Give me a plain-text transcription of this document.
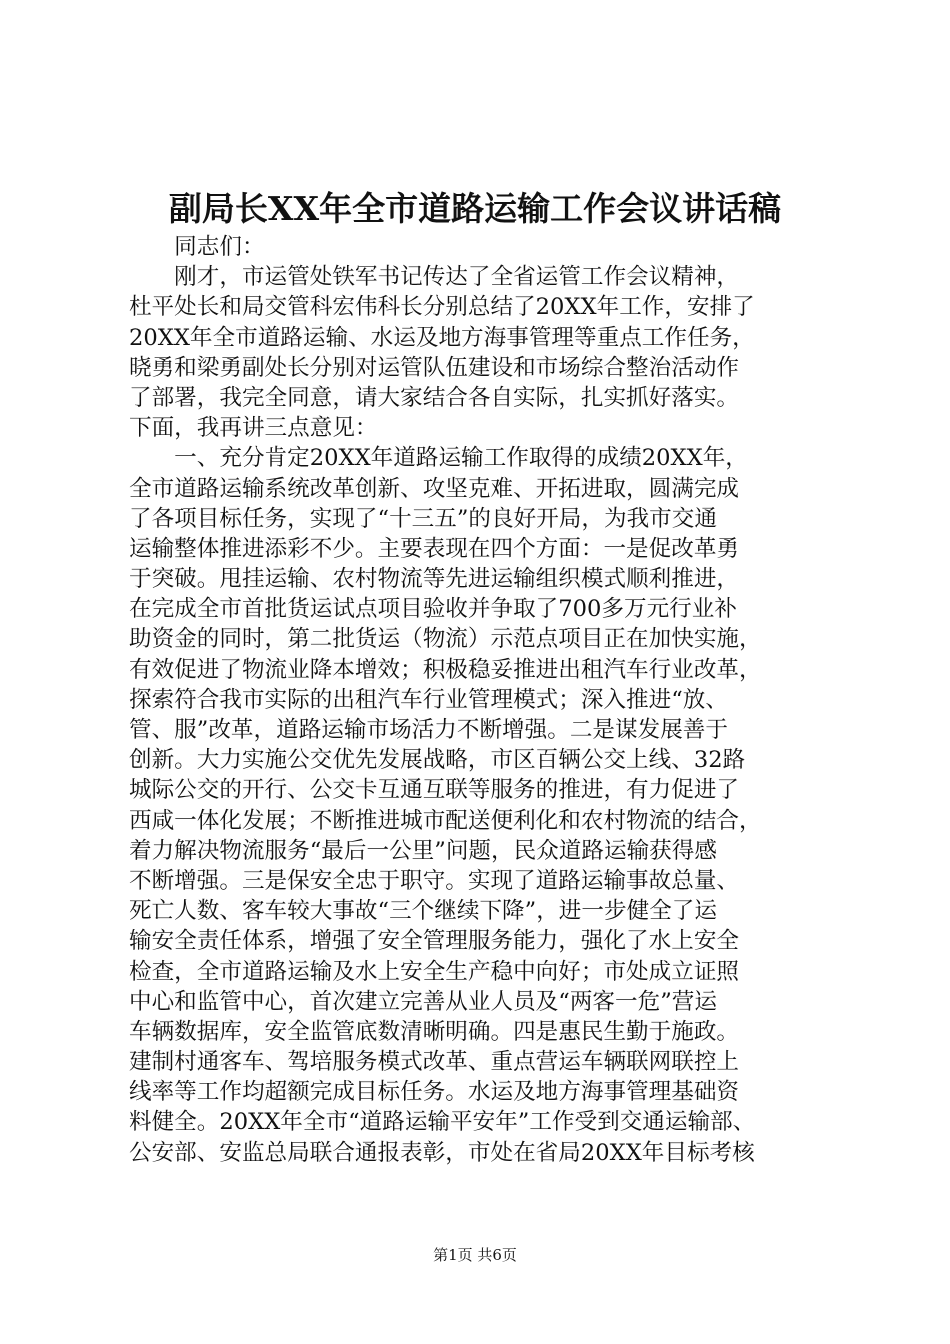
副局长XX年全市道路运输工作会议讲话稿
　　同志们：
　　刚才，市运管处铁军书记传达了全省运管工作会议精神，
杜平处长和局交管科宏伟科长分别总结了20XX年工作，安排了
20XX年全市道路运输、水运及地方海事管理等重点工作任务，
晓勇和梁勇副处长分别对运管队伍建设和市场综合整治活动作
了部署，我完全同意，请大家结合各自实际，扎实抓好落实。
下面，我再讲三点意见：
　　一、充分肯定20XX年道路运输工作取得的成绩20XX年，
全市道路运输系统改革创新、攻坚克难、开拓进取，圆满完成
了各项目标任务，实现了“十三五”的良好开局，为我市交通
运输整体推进添彩不少。主要表现在四个方面：一是促改革勇
于突破。甩挂运输、农村物流等先进运输组织模式顺利推进，
在完成全市首批货运试点项目验收并争取了700多万元行业补
助资金的同时，第二批货运（物流）示范点项目正在加快实施，
有效促进了物流业降本增效；积极稳妥推进出租汽车行业改革，
探索符合我市实际的出租汽车行业管理模式；深入推进“放、
管、服”改革，道路运输市场活力不断增强。二是谋发展善于
创新。大力实施公交优先发展战略，市区百辆公交上线、32路
城际公交的开行、公交卡互通互联等服务的推进，有力促进了
西咸一体化发展；不断推进城市配送便利化和农村物流的结合，
着力解决物流服务“最后一公里”问题，民众道路运输获得感
不断增强。三是保安全忠于职守。实现了道路运输事故总量、
死亡人数、客车较大事故“三个继续下降”，进一步健全了运
输安全责任体系，增强了安全管理服务能力，强化了水上安全
检查，全市道路运输及水上安全生产稳中向好；市处成立证照
中心和监管中心，首次建立完善从业人员及“两客一危”营运
车辆数据库，安全监管底数清晰明确。四是惠民生勤于施政。
建制村通客车、驾培服务模式改革、重点营运车辆联网联控上
线率等工作均超额完成目标任务。水运及地方海事管理基础资
料健全。20XX年全市“道路运输平安年”工作受到交通运输部、
公安部、安监总局联合通报表彰，市处在省局20XX年目标考核
第1页 共6页
